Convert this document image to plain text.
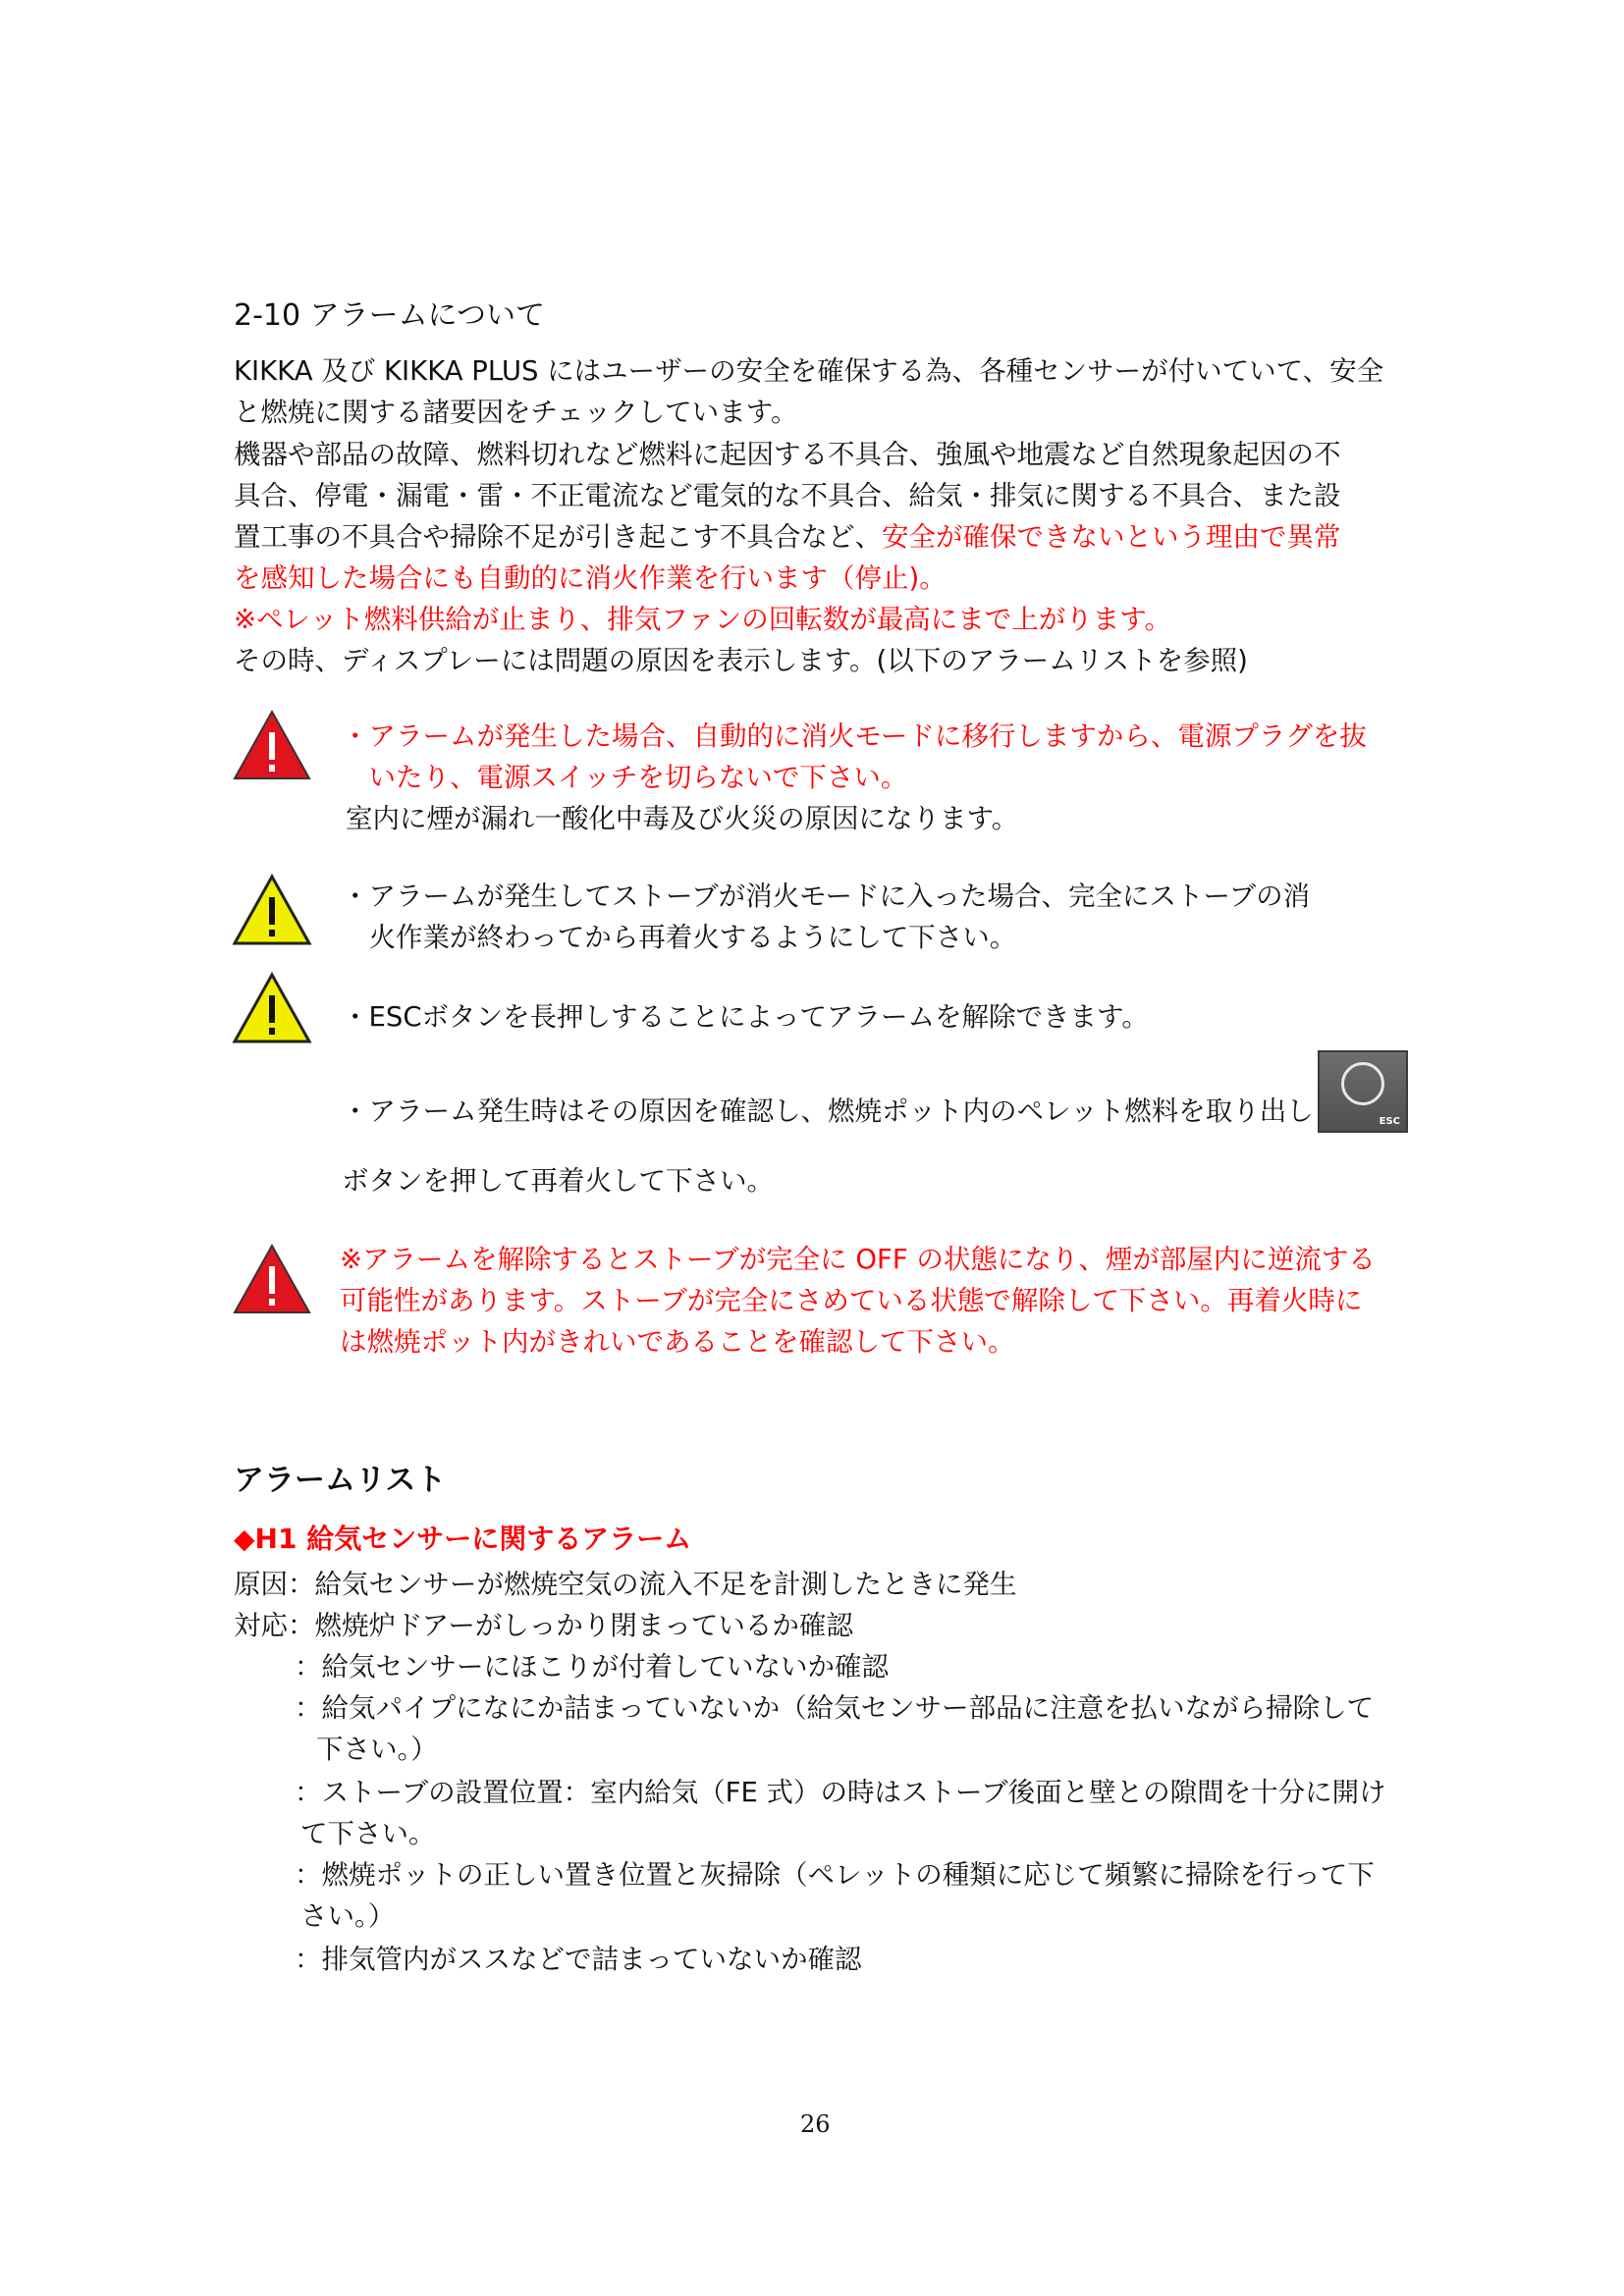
2-10 アラームについて
KIKKA 及び KIKKA PLUS にはユーザーの安全を確保する為、各種センサーが付いていて、安全
と燃焼に関する諸要因をチェックしています。
機器や部品の故障、燃料切れなど燃料に起因する不具合、強風や地震など自然現象起因の不
具合、停電・漏電・雷・不正電流など電気的な不具合、給気・排気に関する不具合、また設
置工事の不具合や掃除不足が引き起こす不具合など、安全が確保できないという理由で異常
を感知した場合にも自動的に消火作業を行います（停止)。
※ペレット燃料供給が止まり、排気ファンの回転数が最高にまで上がります。
その時、ディスプレーには問題の原因を表示します。(以下のアラームリストを参照)
・アラームが発生した場合、自動的に消火モードに移行しますから、電源プラグを抜
　いたり、電源スイッチを切らないで下さい。
室内に煙が漏れ一酸化中毒及び火災の原因になります。
・アラームが発生してストーブが消火モードに入った場合、完全にストーブの消
　火作業が終わってから再着火するようにして下さい。
・ESCボタンを長押しすることによってアラームを解除できます。
・アラーム発生時はその原因を確認し、燃焼ポット内のペレット燃料を取り出し	ESC
ボタンを押して再着火して下さい。
※アラームを解除するとストーブが完全に OFF の状態になり、煙が部屋内に逆流する
可能性があります。ストーブが完全にさめている状態で解除して下さい。再着火時に
は燃焼ポット内がきれいであることを確認して下さい。
アラームリスト
◆H1 給気センサーに関するアラーム
原因：給気センサーが燃焼空気の流入不足を計測したときに発生
対応：燃焼炉ドアーがしっかり閉まっているか確認
：給気センサーにほこりが付着していないか確認
：給気パイプになにか詰まっていないか（給気センサー部品に注意を払いながら掃除して
下さい。）
：ストーブの設置位置：室内給気（FE 式）の時はストーブ後面と壁との隙間を十分に開け
て下さい。
：燃焼ポットの正しい置き位置と灰掃除（ペレットの種類に応じて頻繁に掃除を行って下
さい。）
：排気管内がススなどで詰まっていないか確認
26
